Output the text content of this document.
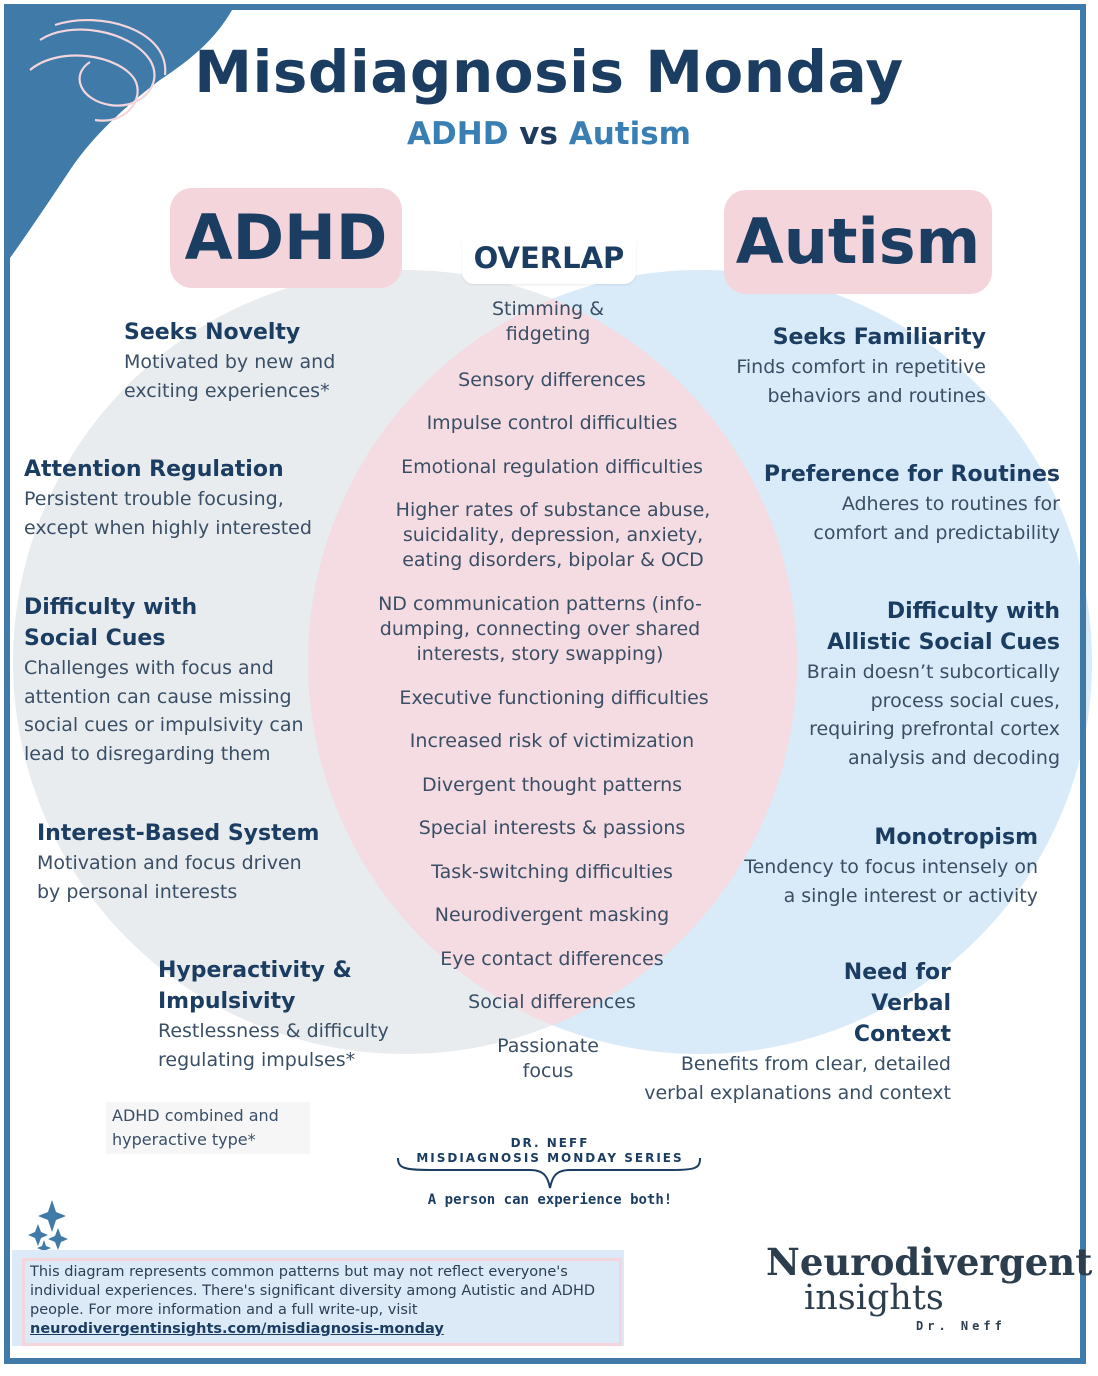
Misdiagnosis Monday
ADHD vs Autism
ADHD	Autism
OVERLAP
Seeks Novelty
Motivated by new and exciting experiences*
Attention Regulation
Persistent trouble focusing, except when highly interested
Difficulty with Social Cues
Challenges with focus and attention can cause missing social cues or impulsivity can lead to disregarding them
Interest-Based System
Motivation and focus driven by personal interests
Hyperactivity & Impulsivity
Restlessness & difficulty regulating impulses*
ADHD combined and hyperactive type*
Seeks Familiarity
Finds comfort in repetitive behaviors and routines
Preference for Routines
Adheres to routines for comfort and predictability
Difficulty with Allistic Social Cues
Brain doesn’t subcortically process social cues, requiring prefrontal cortex analysis and decoding
Monotropism
Tendency to focus intensely on a single interest or activity
Need for Verbal Context
Benefits from clear, detailed verbal explanations and context
Stimming & fidgeting
Sensory differences
Impulse control difficulties
Emotional regulation difficulties
Higher rates of substance abuse, suicidality, depression, anxiety, eating disorders, bipolar & OCD
ND communication patterns (info-dumping, connecting over shared interests, story swapping)
Executive functioning difficulties
Increased risk of victimization
Divergent thought patterns
Special interests & passions
Task-switching difficulties
Neurodivergent masking
Eye contact differences
Social differences
Passionate focus
DR. NEFF
MISDIAGNOSIS MONDAY SERIES
A person can experience both!
This diagram represents common patterns but may not reflect everyone's individual experiences. There's significant diversity among Autistic and ADHD people. For more information and a full write-up, visit
neurodivergentinsights.com/misdiagnosis-monday
Neurodivergent
insights
Dr. Neff
